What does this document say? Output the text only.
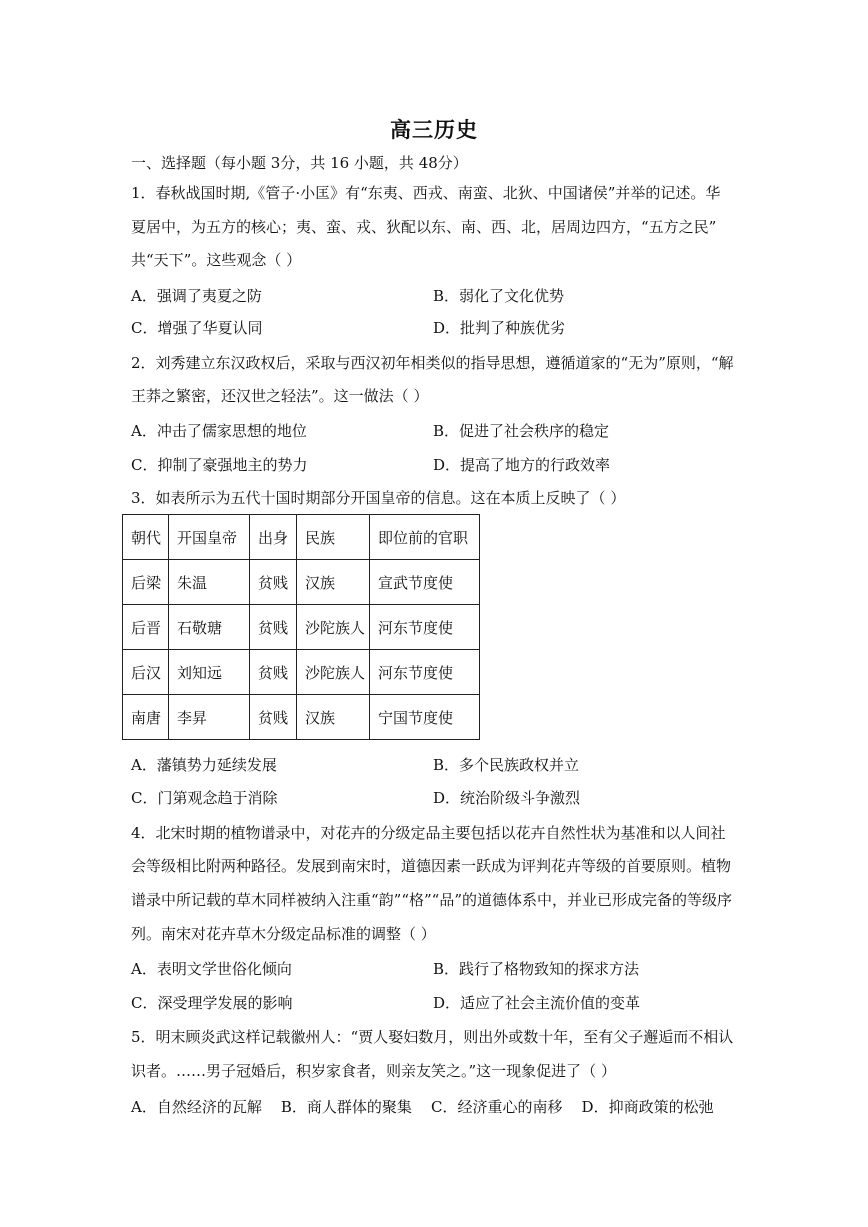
高三历史
一、选择题（每小题 3分，共 16 小题，共 48分）
1．春秋战国时期,《管子·小匡》有“东夷、西戎、南蛮、北狄、中国诸侯”并举的记述。华
夏居中，为五方的核心；夷、蛮、戎、狄配以东、南、西、北，居周边四方，“五方之民”
共“天下”。这些观念（ ）
A．强调了夷夏之防	B．弱化了文化优势
C．增强了华夏认同	D．批判了种族优劣
2．刘秀建立东汉政权后，采取与西汉初年相类似的指导思想，遵循道家的“无为”原则，“解
王莽之繁密，还汉世之轻法”。这一做法（ ）
A．冲击了儒家思想的地位	B．促进了社会秩序的稳定
C．抑制了豪强地主的势力	D．提高了地方的行政效率
3．如表所示为五代十国时期部分开国皇帝的信息。这在本质上反映了（ ）
朝代	开国皇帝	出身	民族	即位前的官职
后梁	朱温	贫贱	汉族	宣武节度使
后晋	石敬瑭	贫贱	沙陀族人	河东节度使
后汉	刘知远	贫贱	沙陀族人	河东节度使
南唐	李昇	贫贱	汉族	宁国节度使
A．藩镇势力延续发展	B．多个民族政权并立
C．门第观念趋于消除	D．统治阶级斗争激烈
4．北宋时期的植物谱录中，对花卉的分级定品主要包括以花卉自然性状为基准和以人间社
会等级相比附两种路径。发展到南宋时，道德因素一跃成为评判花卉等级的首要原则。植物
谱录中所记载的草木同样被纳入注重“韵”“格”“品”的道德体系中，并业已形成完备的等级序
列。南宋对花卉草木分级定品标准的调整（ ）
A．表明文学世俗化倾向	B．践行了格物致知的探求方法
C．深受理学发展的影响	D．适应了社会主流价值的变革
5．明末顾炎武这样记载徽州人：“贾人娶妇数月，则出外或数十年，至有父子邂逅而不相认
识者。……男子冠婚后，积岁家食者，则亲友笑之。”这一现象促进了（ ）
A．自然经济的瓦解    B．商人群体的聚集    C．经济重心的南移    D．抑商政策的松弛
